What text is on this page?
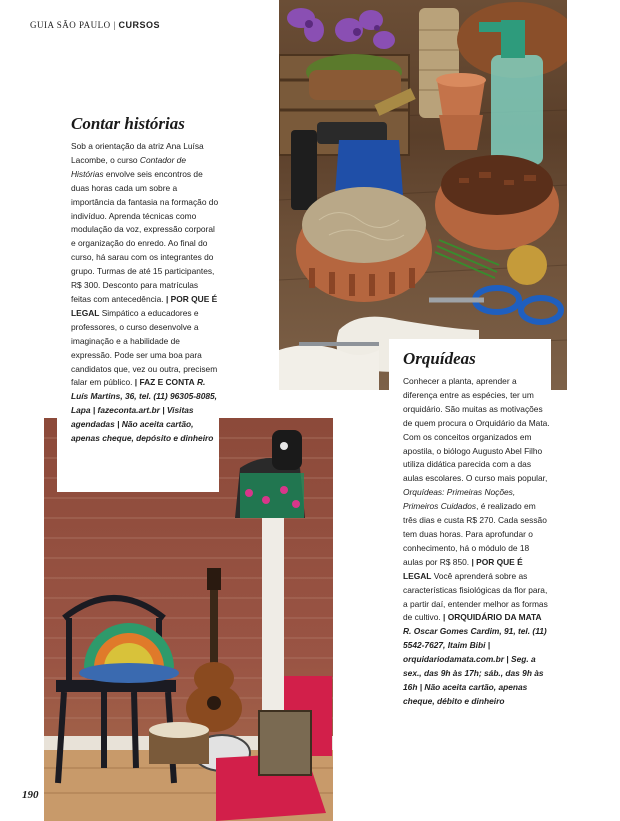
GUIA SÃO PAULO | CURSOS
Contar histórias
Sob a orientação da atriz Ana Luísa Lacombe, o curso Contador de Histórias envolve seis encontros de duas horas cada um sobre a importância da fantasia na formação do indivíduo. Aprenda técnicas como modulação da voz, expressão corporal e organização do enredo. Ao final do curso, há sarau com os integrantes do grupo. Turmas de até 15 participantes, R$ 300. Desconto para matrículas feitas com antecedência. | POR QUE É LEGAL Simpático a educadores e professores, o curso desenvolve a imaginação e a habilidade de expressão. Pode ser uma boa para candidatos que, vez ou outra, precisem falar em público. | FAZ E CONTA R. Luís Martins, 36, tel. (11) 96305-8085, Lapa | fazeconta.art.br | Visitas agendadas | Não aceita cartão, apenas cheque, depósito e dinheiro
Orquídeas
Conhecer a planta, aprender a diferença entre as espécies, ter um orquidário. São muitas as motivações de quem procura o Orquidário da Mata. Com os conceitos organizados em apostila, o biólogo Augusto Abel Filho utiliza didática parecida com a das aulas escolares. O curso mais popular, Orquídeas: Primeiras Noções, Primeiros Cuidados, é realizado em três dias e custa R$ 270. Cada sessão tem duas horas. Para aprofundar o conhecimento, há o módulo de 18 aulas por R$ 850. | POR QUE É LEGAL Você aprenderá sobre as características fisiológicas da flor para, a partir daí, entender melhor as formas de cultivo. | ORQUIDÁRIO DA MATA R. Oscar Gomes Cardim, 91, tel. (11) 5542-7627, Itaim Bibi | orquidariodamata.com.br | Seg. a sex., das 9h às 17h; sáb., das 9h às 16h | Não aceita cartão, apenas cheque, débito e dinheiro
190
